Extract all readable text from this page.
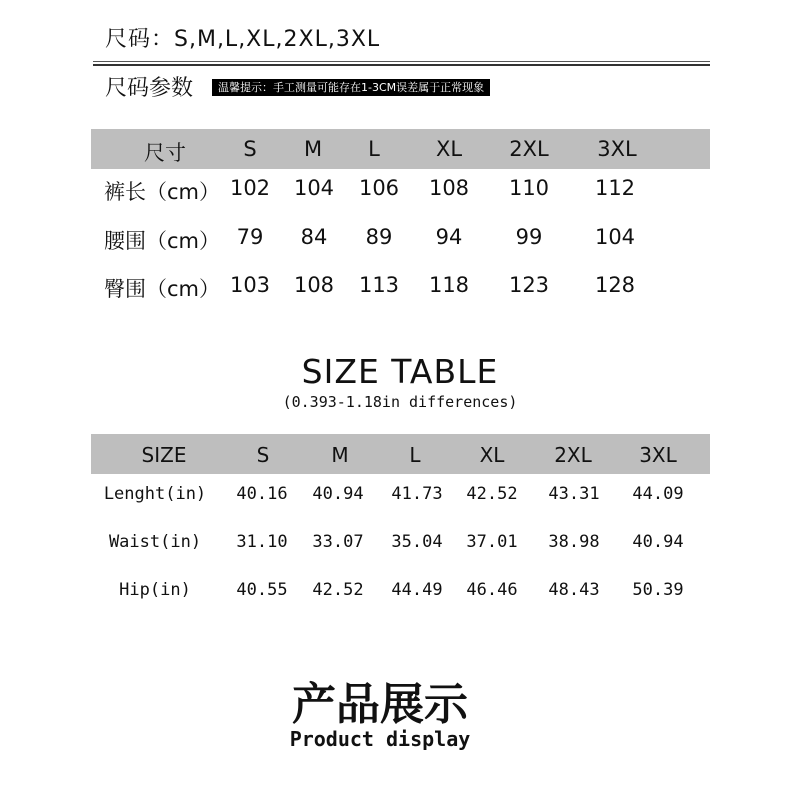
尺码：S,M,L,XL,2XL,3XL
尺码参数	温馨提示：手工测量可能存在1-3CM误差属于正常现象
尺寸	S M L	XL 2XL 3XL
裤长（cm） 102 104 106 108 110 112
腰围（cm） 79 84 89 94	99	104
臀围（cm） 103 108 113 118 123 128
SIZE TABLE
(0.393-1.18in differences)
SIZE	S	M	L	XL 2XL 3XL
Lenght(in) 40.16 40.94 41.73 42.52 43.31 44.09
Waist(in) 31.10 33.07 35.04 37.01 38.98 40.94
Hip(in)	40.55 42.52 44.49 46.46 48.43 50.39
产品展示
Product display
